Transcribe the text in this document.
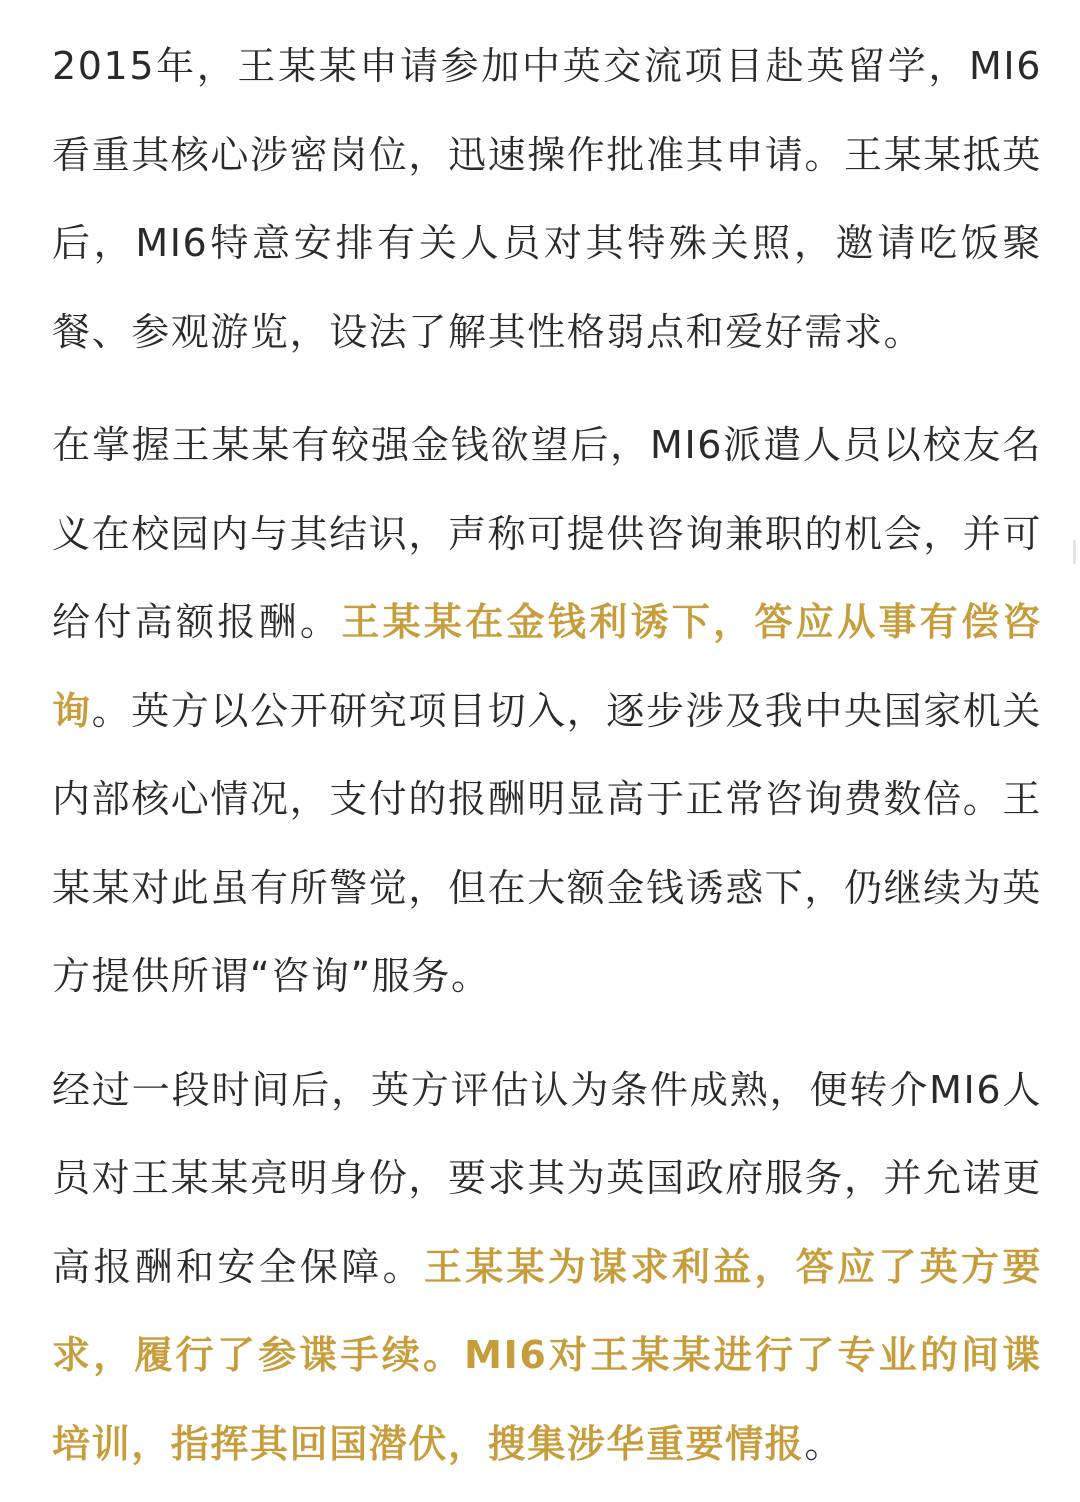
2015年，王某某申请参加中英交流项目赴英留学，MI6看重其核心涉密岗位，迅速操作批准其申请。王某某抵英后，MI6特意安排有关人员对其特殊关照，邀请吃饭聚餐、参观游览，设法了解其性格弱点和爱好需求。

在掌握王某某有较强金钱欲望后，MI6派遣人员以校友名义在校园内与其结识，声称可提供咨询兼职的机会，并可给付高额报酬。王某某在金钱利诱下，答应从事有偿咨询。英方以公开研究项目切入，逐步涉及我中央国家机关内部核心情况，支付的报酬明显高于正常咨询费数倍。王某某对此虽有所警觉，但在大额金钱诱惑下，仍继续为英方提供所谓“咨询”服务。

经过一段时间后，英方评估认为条件成熟，便转介MI6人员对王某某亮明身份，要求其为英国政府服务，并允诺更高报酬和安全保障。王某某为谋求利益，答应了英方要求，履行了参谍手续。MI6对王某某进行了专业的间谍培训，指挥其回国潜伏，搜集涉华重要情报。
